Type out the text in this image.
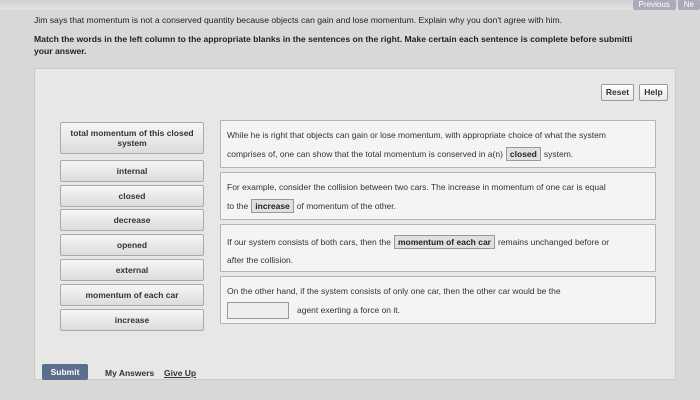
Previous	Ne
Jim says that momentum is not a conserved quantity because objects can gain and lose momentum. Explain why you don't agree with him.
Match the words in the left column to the appropriate blanks in the sentences on the right. Make certain each sentence is complete before submitti
your answer.
Reset	Help
total momentum of this closed system
internal
closed
decrease
opened
external
momentum of each car
increase
While he is right that objects can gain or lose momentum, with appropriate choice of what the system
comprises of, one can show that the total momentum is conserved in a(n) closed system.
For example, consider the collision between two cars. The increase in momentum of one car is equal
to the increase of momentum of the other.
If our system consists of both cars, then the momentum of each car remains unchanged before or
after the collision.
On the other hand, if the system consists of only one car, then the other car would be the
agent exerting a force on it.
Submit	My Answers Give Up
